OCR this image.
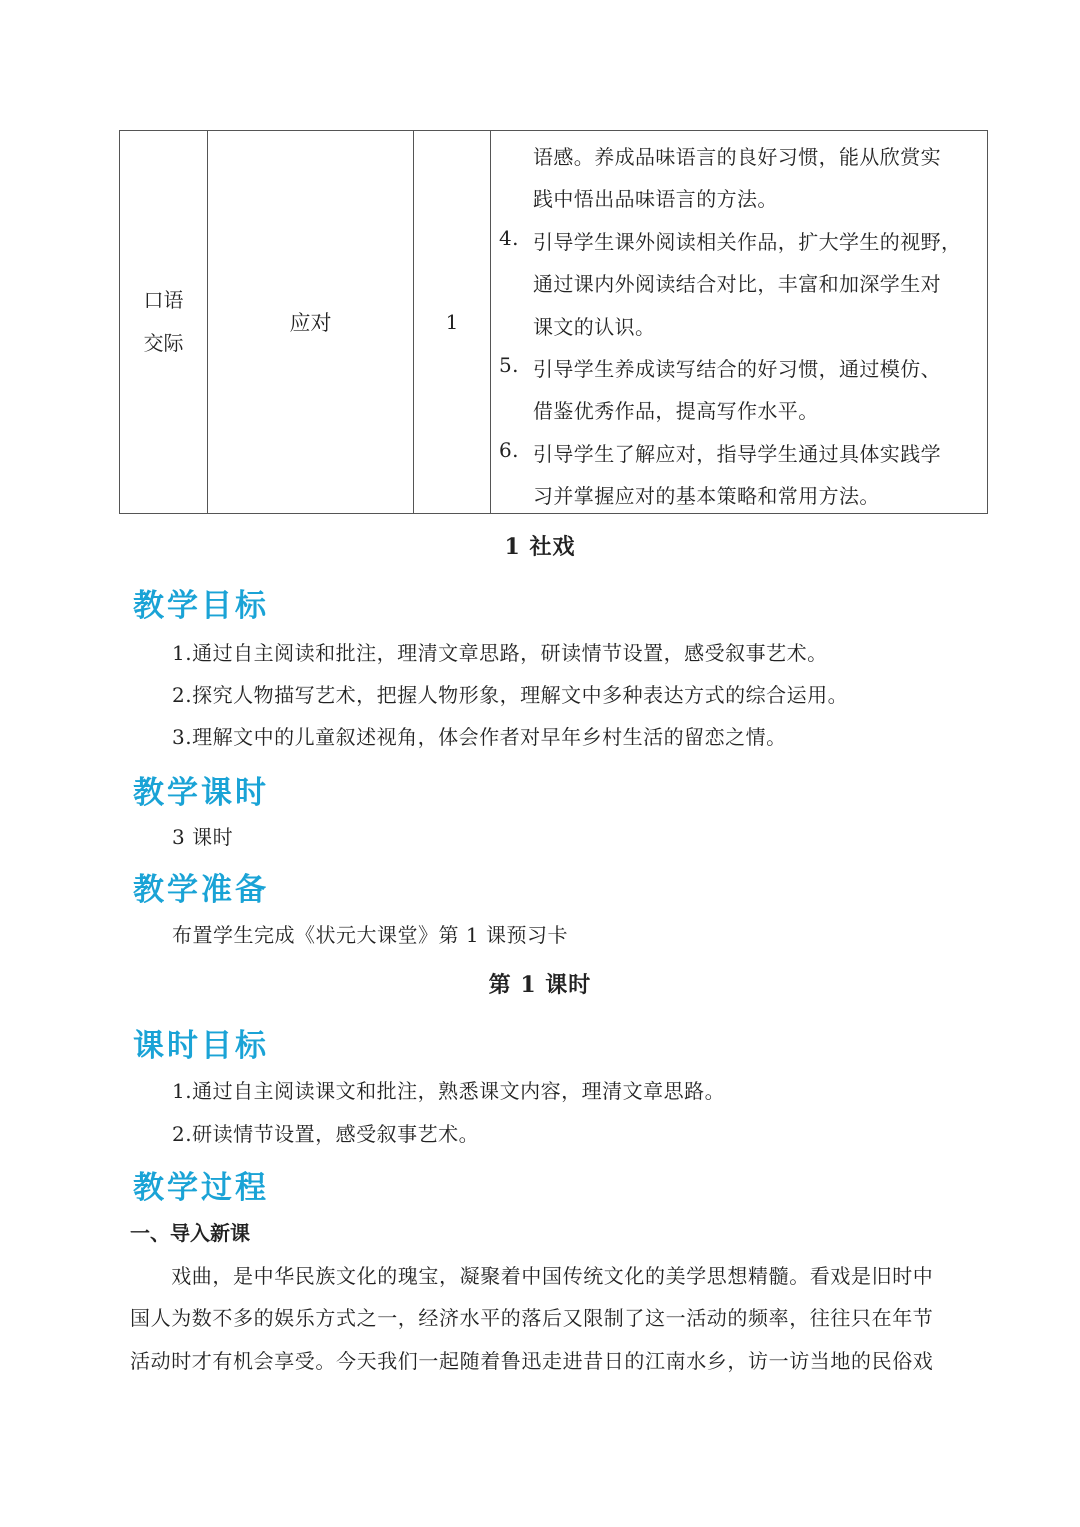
口语
交际
应对	1
语感。养成品味语言的良好习惯，能从欣赏实
践中悟出品味语言的方法。
4. 引导学生课外阅读相关作品，扩大学生的视野，
通过课内外阅读结合对比，丰富和加深学生对
课文的认识。
5. 引导学生养成读写结合的好习惯，通过模仿、
借鉴优秀作品，提高写作水平。
6. 引导学生了解应对，指导学生通过具体实践学
习并掌握应对的基本策略和常用方法。
1 社戏
教学目标
1.通过自主阅读和批注，理清文章思路，研读情节设置，感受叙事艺术。
2.探究人物描写艺术，把握人物形象，理解文中多种表达方式的综合运用。
3.理解文中的儿童叙述视角，体会作者对早年乡村生活的留恋之情。
教学课时
3 课时
教学准备
布置学生完成《状元大课堂》第 1 课预习卡
第 1 课时
课时目标
1.通过自主阅读课文和批注，熟悉课文内容，理清文章思路。
2.研读情节设置，感受叙事艺术。
教学过程
一、导入新课
　　戏曲，是中华民族文化的瑰宝，凝聚着中国传统文化的美学思想精髓。看戏是旧时中
国人为数不多的娱乐方式之一，经济水平的落后又限制了这一活动的频率，往往只在年节
活动时才有机会享受。今天我们一起随着鲁迅走进昔日的江南水乡，访一访当地的民俗戏
